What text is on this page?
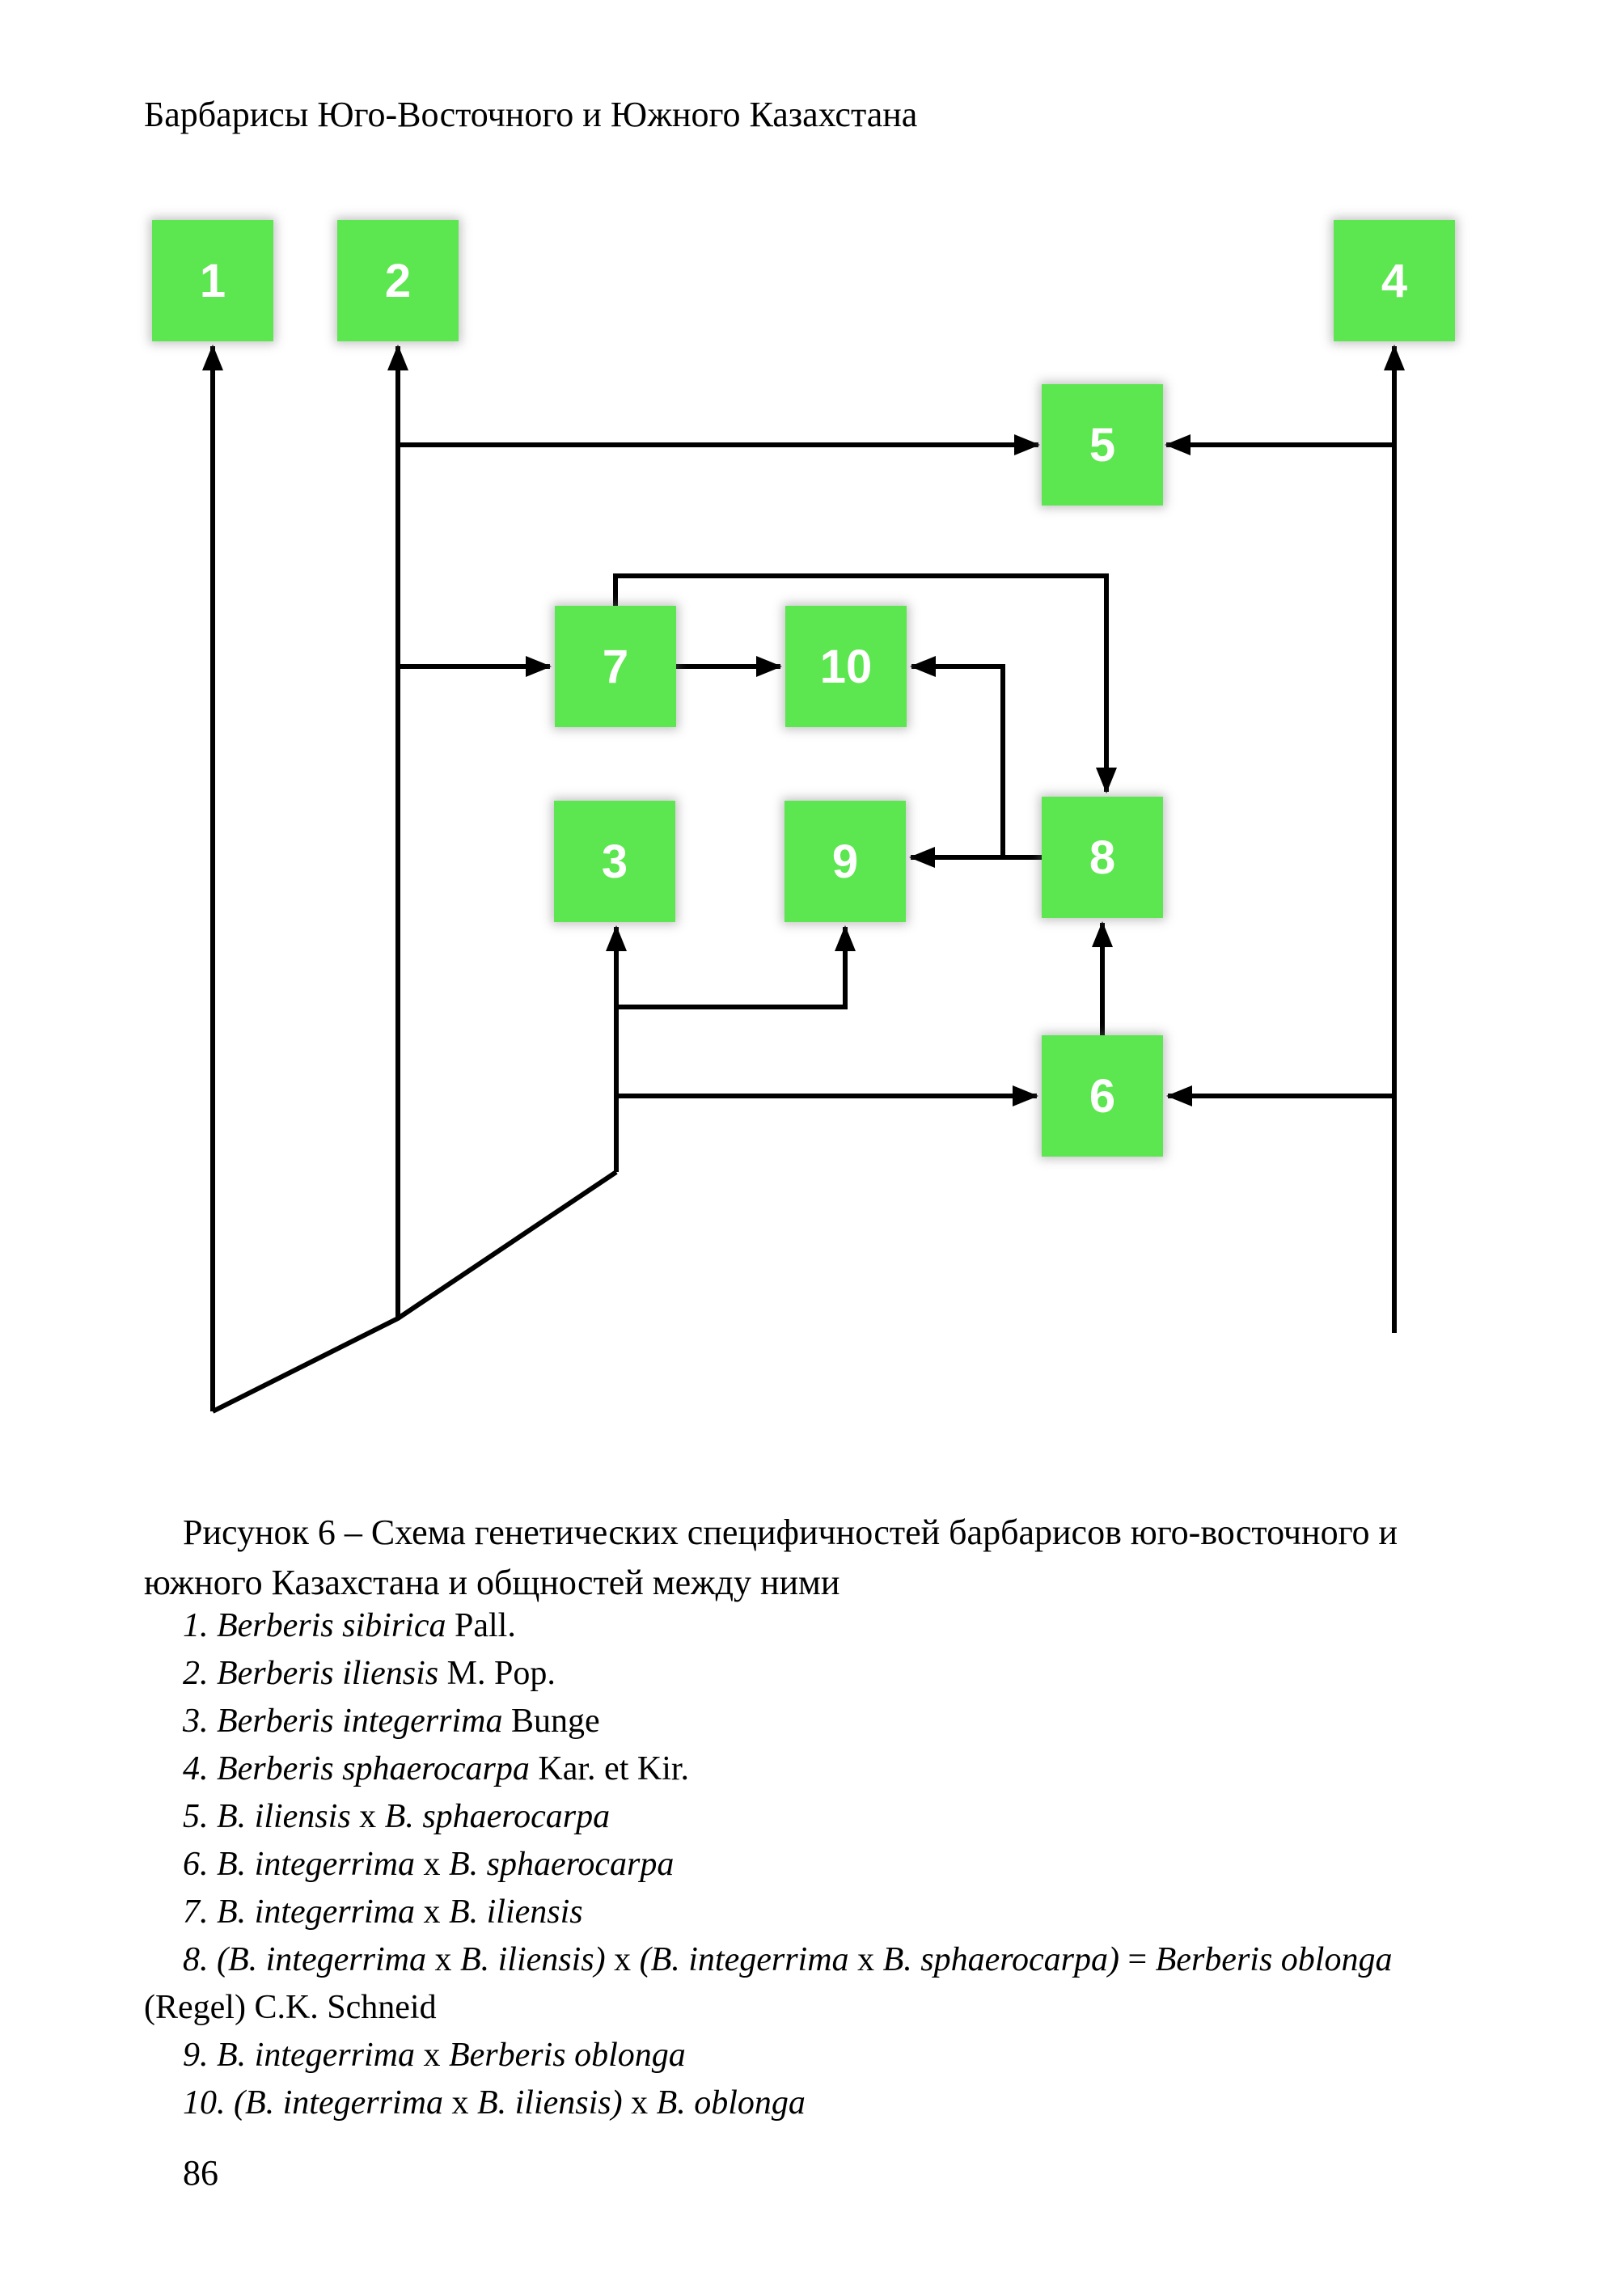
Барбарисы Юго-Восточного и Южного Казахстана
1	2	4
5
7	10
3	9	8
6
Рисунок 6 – Схема генетических специфичностей барбарисов юго-восточного и
южного Казахстана и общностей между ними
1. Berberis sibirica Pall.
2. Berberis iliensis M. Pop.
3. Berberis integerrima Bunge
4. Berberis sphaerocarpa Kar. et Kir.
5. B. iliensis x B. sphaerocarpa
6. B. integerrima x B. sphaerocarpa
7. B. integerrima x B. iliensis
8. (B. integerrima x B. iliensis) x (B. integerrima x B. sphaerocarpa) = Berberis oblonga
(Regel) C.K. Schneid
9. B. integerrima x Berberis oblonga
10. (B. integerrima x B. iliensis) x B. oblonga
86
